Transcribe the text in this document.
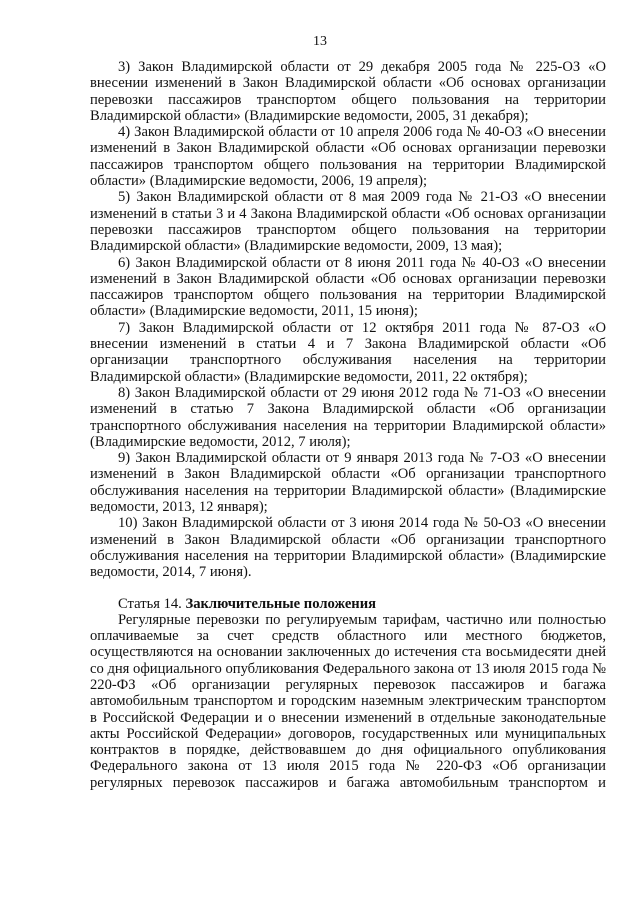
13

3) Закон Владимирской области от 29 декабря 2005 года № 225-ОЗ «О внесении изменений в Закон Владимирской области «Об основах организации перевозки пассажиров транспортом общего пользования на территории Владимирской области» (Владимирские ведомости, 2005, 31 декабря);

4) Закон Владимирской области от 10 апреля 2006 года № 40-ОЗ «О внесении изменений в Закон Владимирской области «Об основах организации перевозки пассажиров транспортом общего пользования на территории Владимирской области» (Владимирские ведомости, 2006, 19 апреля);

5) Закон Владимирской области от 8 мая 2009 года № 21-ОЗ «О внесении изменений в статьи 3 и 4 Закона Владимирской области «Об основах организации перевозки пассажиров транспортом общего пользования на территории Владимирской области» (Владимирские ведомости, 2009, 13 мая);

6) Закон Владимирской области от 8 июня 2011 года № 40-ОЗ «О внесении изменений в Закон Владимирской области «Об основах организации перевозки пассажиров транспортом общего пользования на территории Владимирской области» (Владимирские ведомости, 2011, 15 июня);

7) Закон Владимирской области от 12 октября 2011 года № 87-ОЗ «О внесении изменений в статьи 4 и 7 Закона Владимирской области «Об организации транспортного обслуживания населения на территории Владимирской области» (Владимирские ведомости, 2011, 22 октября);

8) Закон Владимирской области от 29 июня 2012 года № 71-ОЗ «О внесении изменений в статью 7 Закона Владимирской области «Об организации транспортного обслуживания населения на территории Владимирской области» (Владимирские ведомости, 2012, 7 июля);

9) Закон Владимирской области от 9 января 2013 года № 7-ОЗ «О внесении изменений в Закон Владимирской области «Об организации транспортного обслуживания населения на территории Владимирской области» (Владимирские ведомости, 2013, 12 января);

10) Закон Владимирской области от 3 июня 2014 года № 50-ОЗ «О внесении изменений в Закон Владимирской области «Об организации транспортного обслуживания населения на территории Владимирской области» (Владимирские ведомости, 2014, 7 июня).

Статья 14. Заключительные положения

Регулярные перевозки по регулируемым тарифам, частично или полностью оплачиваемые за счет средств областного или местного бюджетов, осуществляются на основании заключенных до истечения ста восьмидесяти дней со дня официального опубликования Федерального закона от 13 июля 2015 года № 220-ФЗ «Об организации регулярных перевозок пассажиров и багажа автомобильным транспортом и городским наземным электрическим транспортом в Российской Федерации и о внесении изменений в отдельные законодательные акты Российской Федерации» договоров, государственных или муниципальных контрактов в порядке, действовавшем до дня официального опубликования Федерального закона от 13 июля 2015 года № 220-ФЗ «Об организации регулярных перевозок пассажиров и багажа автомобильным транспортом и
